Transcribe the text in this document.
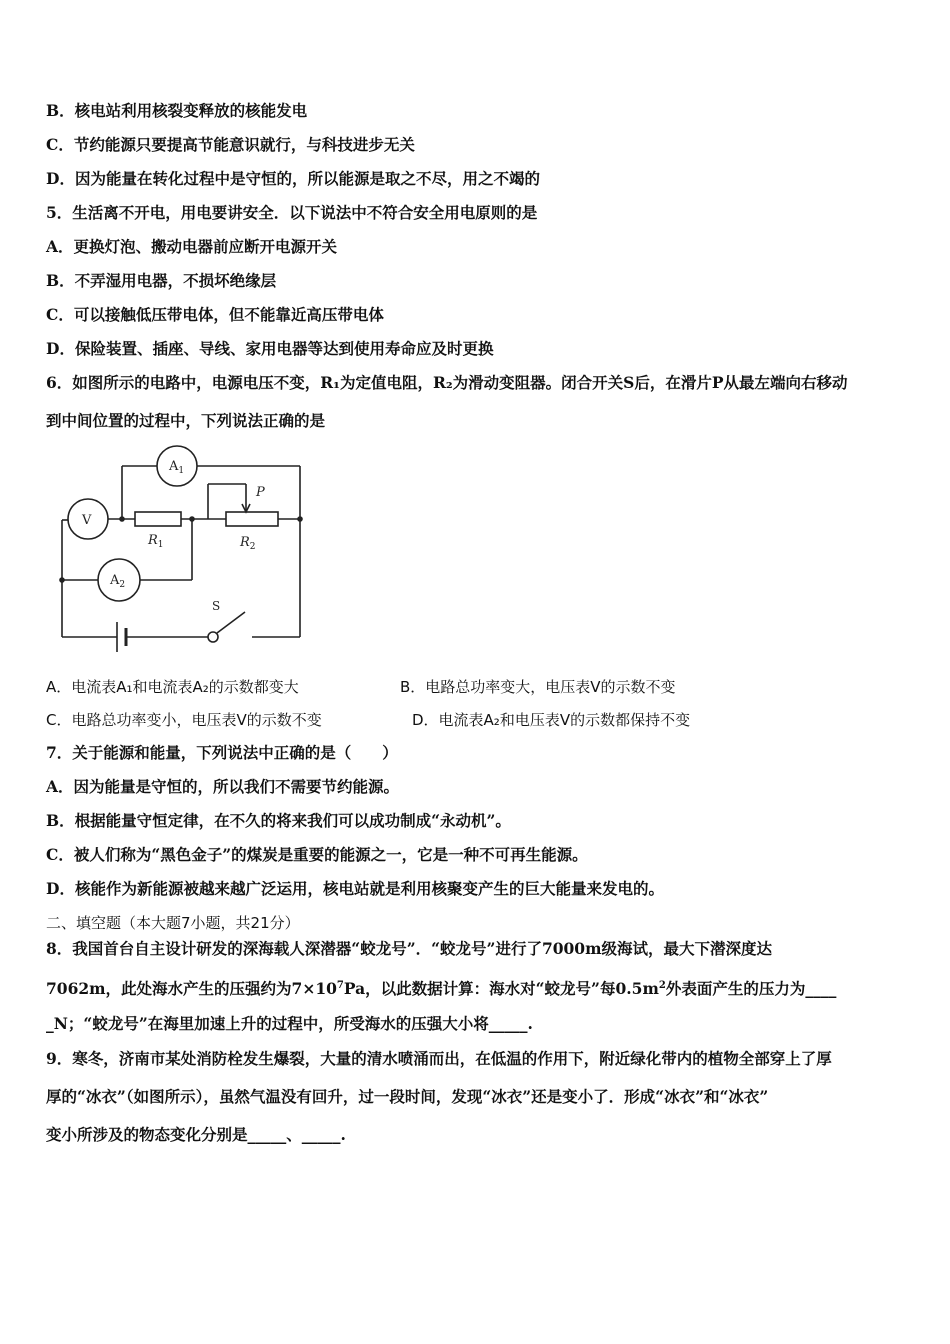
B．核电站利用核裂变释放的核能发电
C．节约能源只要提高节能意识就行，与科技进步无关
D．因为能量在转化过程中是守恒的，所以能源是取之不尽，用之不竭的
5．生活离不开电，用电要讲安全．以下说法中不符合安全用电原则的是
A．更换灯泡、搬动电器前应断开电源开关
B．不弄湿用电器，不损坏绝缘层
C．可以接触低压带电体，但不能靠近高压带电体
D．保险装置、插座、导线、家用电器等达到使用寿命应及时更换
6．如图所示的电路中，电源电压不变，R₁为定值电阻，R₂为滑动变阻器。闭合开关S后，在滑片P从最左端向右移动
到中间位置的过程中，下列说法正确的是
$A_1$
V
$A_2$
P
$R_1$	$R_2$
S
A．电流表A₁和电流表A₂的示数都变大	B．电路总功率变大，电压表V的示数不变
C．电路总功率变小，电压表V的示数不变	D．电流表A₂和电压表V的示数都保持不变
7．关于能源和能量，下列说法中正确的是（　　）
A．因为能量是守恒的，所以我们不需要节约能源。
B．根据能量守恒定律，在不久的将来我们可以成功制成“永动机”。
C．被人们称为“黑色金子”的煤炭是重要的能源之一，它是一种不可再生能源。
D．核能作为新能源被越来越广泛运用，核电站就是利用核聚变产生的巨大能量来发电的。
二、填空题（本大题7小题，共21分）
8．我国首台自主设计研发的深海载人深潜器“蛟龙号”．“蛟龙号”进行了7000m级海试，最大下潜深度达
7062m，此处海水产生的压强约为$7\times 10^7Pa$，以此数据计算：海水对“蛟龙号”每$0.5m^2$外表面产生的压力为____
_N；“蛟龙号”在海里加速上升的过程中，所受海水的压强大小将_____.
9．寒冬，济南市某处消防栓发生爆裂，大量的清水喷涌而出，在低温的作用下，附近绿化带内的植物全部穿上了厚
厚的“冰衣”（如图所示），虽然气温没有回升，过一段时间，发现“冰衣”还是变小了．形成“冰衣”和“冰衣”
变小所涉及的物态变化分别是_____、_____.
